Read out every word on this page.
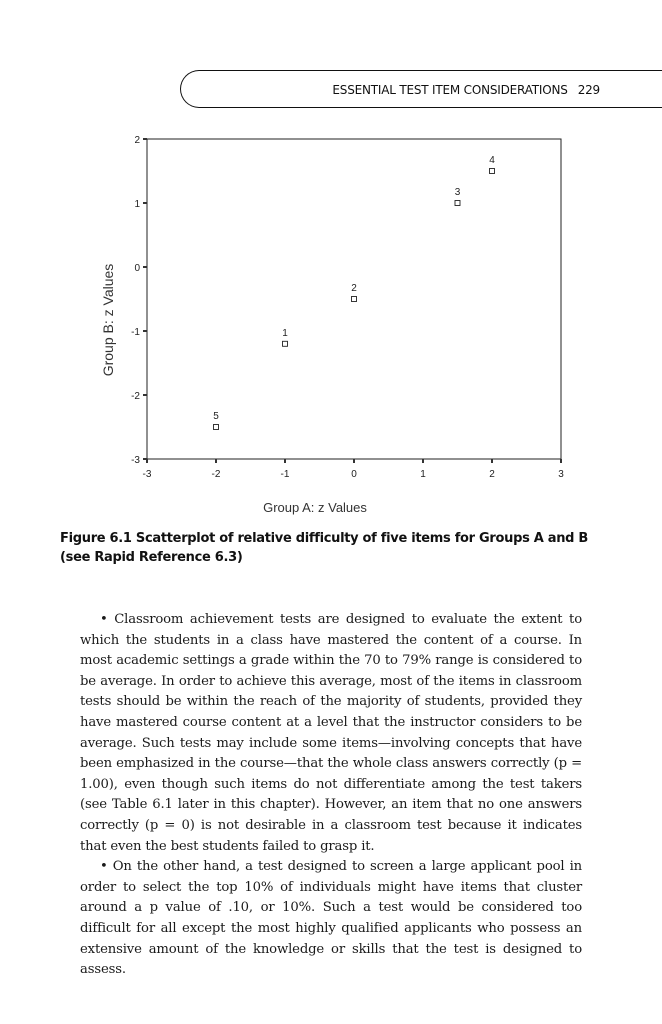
ESSENTIAL TEST ITEM CONSIDERATIONS 229
-3	-2	-1	0	1	2	3
-3
-2
-1
0
1
2
1
2
3
4
5
Group A: z Values
Group B: z Values
Figure 6.1 Scatterplot of relative difficulty of five items for Groups A and B
(see Rapid Reference 6.3)

• Classroom achievement tests are designed to evaluate the extent to which the students in a class have mastered the content of a course. In most academic settings a grade within the 70 to 79% range is considered to be average. In order to achieve this average, most of the items in classroom tests should be within the reach of the majority of students, provided they have mastered course content at a level that the instructor considers to be average. Such tests may include some items—involving concepts that have been emphasized in the course—that the whole class answers correctly (p = 1.00), even though such items do not differentiate among the test takers (see Table 6.1 later in this chapter). However, an item that no one answers correctly (p = 0) is not desirable in a classroom test because it indicates that even the best students failed to grasp it.

• On the other hand, a test designed to screen a large applicant pool in order to select the top 10% of individuals might have items that cluster around a p value of .10, or 10%. Such a test would be considered too difficult for all except the most highly qualified applicants who possess an extensive amount of the knowledge or skills that the test is designed to assess.
